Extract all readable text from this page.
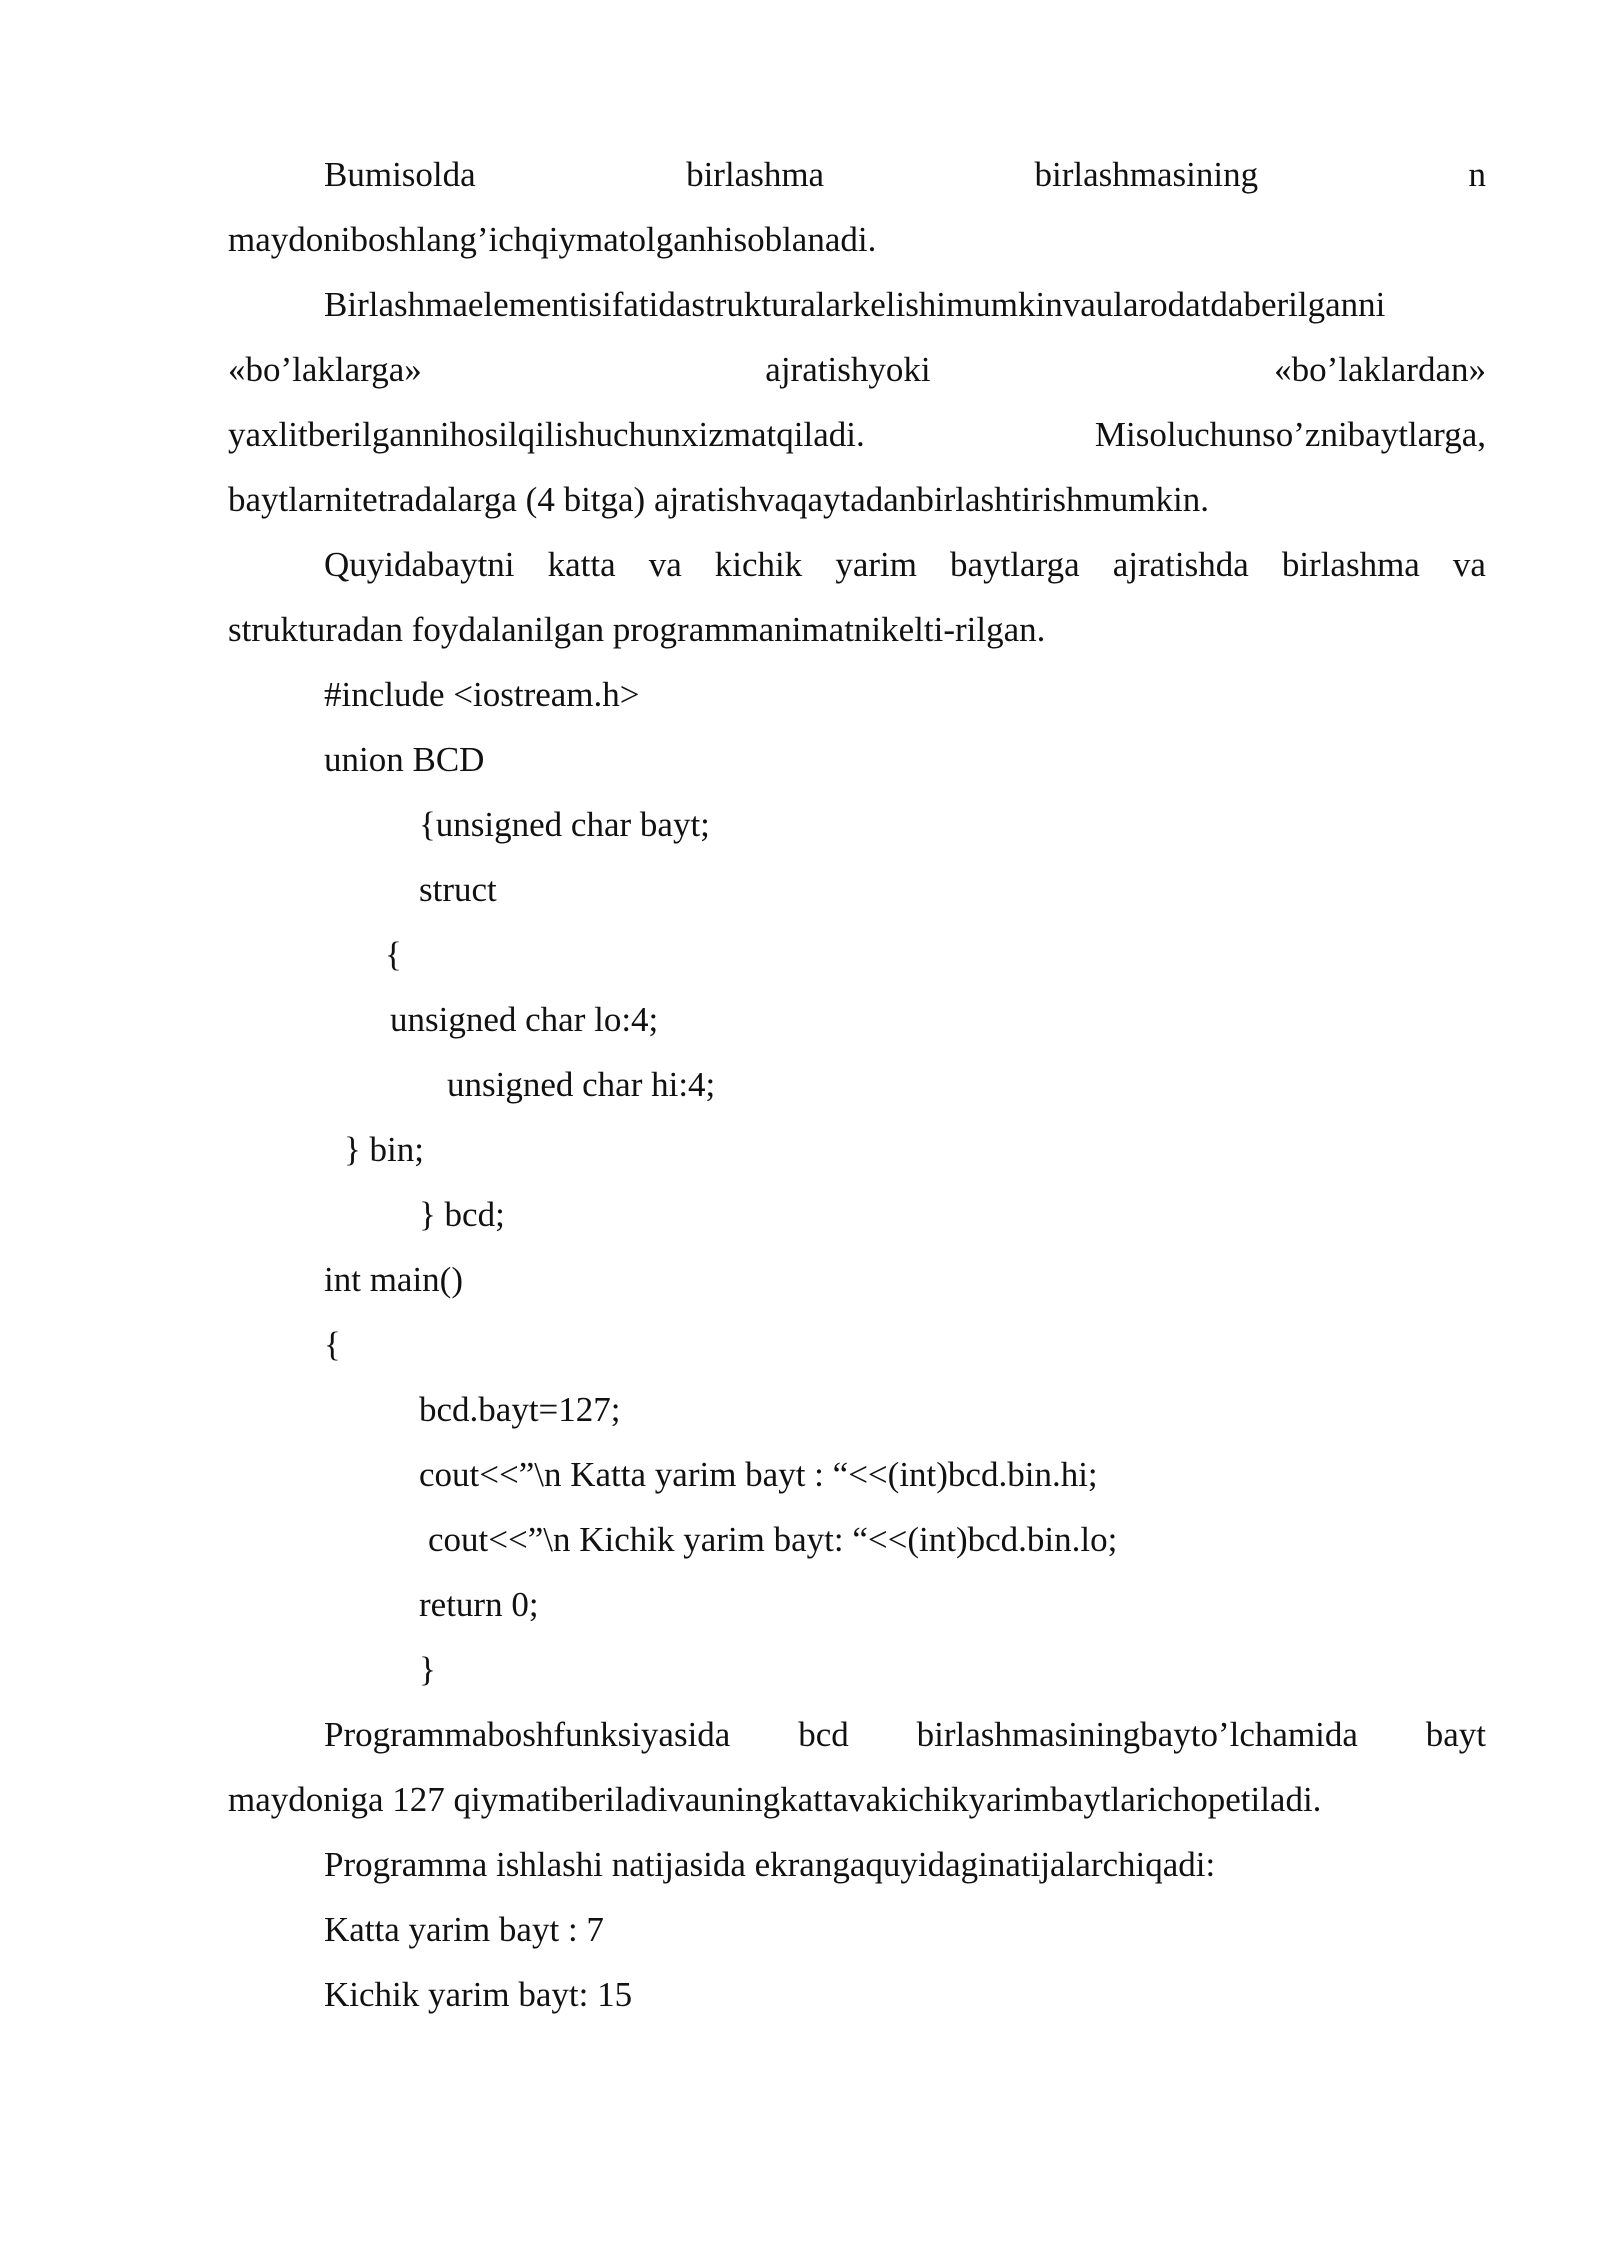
Bumisolda	birlashma	birlashmasining	n
maydoniboshlang’ichqiymatolganhisoblanadi.
Birlashmaelementisifatidastrukturalarkelishimumkinvaularodatdaberilganni
«bo’laklarga»	ajratishyoki	«bo’laklardan»
yaxlitberilgannihosilqilishuchunxizmatqiladi.	Misoluchunso’znibaytlarga,
baytlarnitetradalarga (4 bitga) ajratishvaqaytadanbirlashtirishmumkin.
Quyidabaytni katta va kichik yarim baytlarga ajratishda birlashma va
strukturadan foydalanilgan programmanimatnikelti-rilgan.
#include <iostream.h>
union BCD
{unsigned char bayt;
struct
{
unsigned char lo:4;
unsigned char hi:4;
} bin;
} bcd;
int main()
{
bcd.bayt=127;
cout<<”\n Katta yarim bayt : “<<(int)bcd.bin.hi;
cout<<”\n Kichik yarim bayt: “<<(int)bcd.bin.lo;
return 0;
}
Programmaboshfunksiyasida bcd birlashmasiningbayto’lchamida bayt
maydoniga 127 qiymatiberiladivauningkattavakichikyarimbaytlarichopetiladi.
Programma ishlashi natijasida ekrangaquyidaginatijalarchiqadi:
Katta yarim bayt : 7
Kichik yarim bayt: 15
